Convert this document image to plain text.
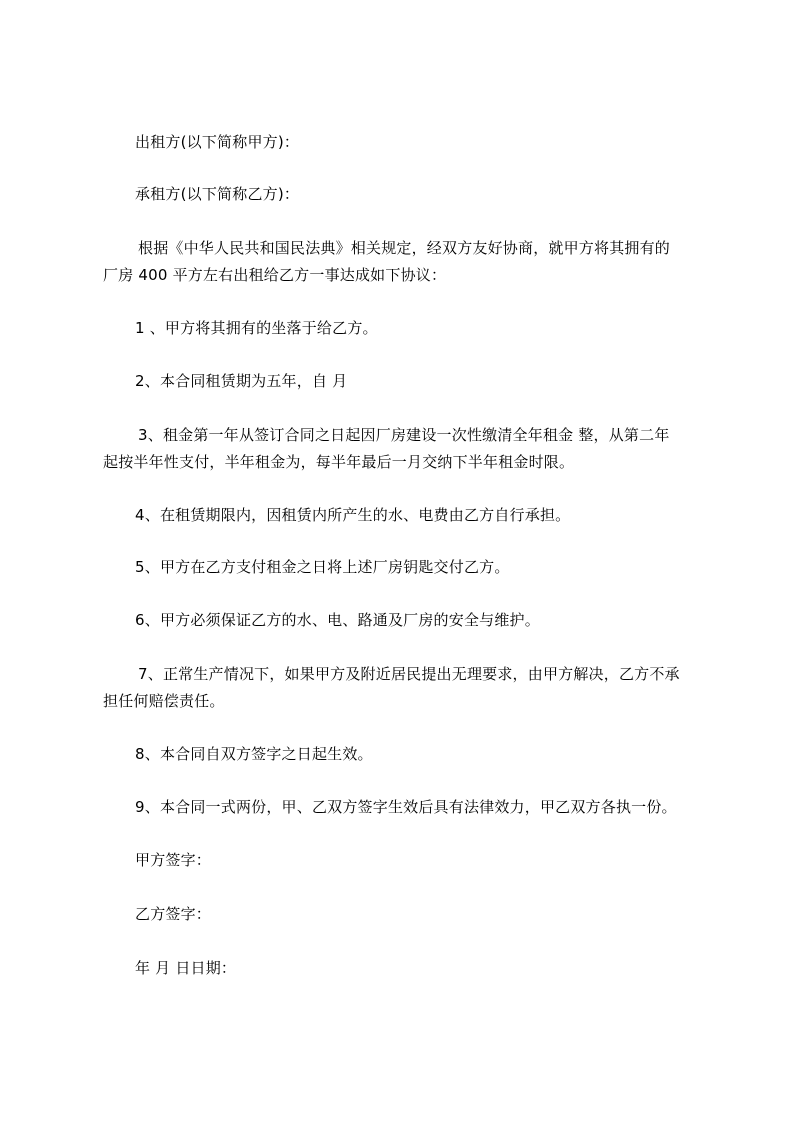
出租方(以下简称甲方)：
承租方(以下简称乙方)：
根据《中华人民共和国民法典》相关规定，经双方友好协商，就甲方将其拥有的
厂房 400 平方左右出租给乙方一事达成如下协议：
1 、甲方将其拥有的坐落于给乙方。
2、本合同租赁期为五年，自 月
3、租金第一年从签订合同之日起因厂房建设一次性缴清全年租金 整，从第二年
起按半年性支付，半年租金为，每半年最后一月交纳下半年租金时限。
4、在租赁期限内，因租赁内所产生的水、电费由乙方自行承担。
5、甲方在乙方支付租金之日将上述厂房钥匙交付乙方。
6、甲方必须保证乙方的水、电、路通及厂房的安全与维护。
7、正常生产情况下，如果甲方及附近居民提出无理要求，由甲方解决，乙方不承
担任何赔偿责任。
8、本合同自双方签字之日起生效。
9、本合同一式两份，甲、乙双方签字生效后具有法律效力，甲乙双方各执一份。
甲方签字：
乙方签字：
年 月 日日期：
